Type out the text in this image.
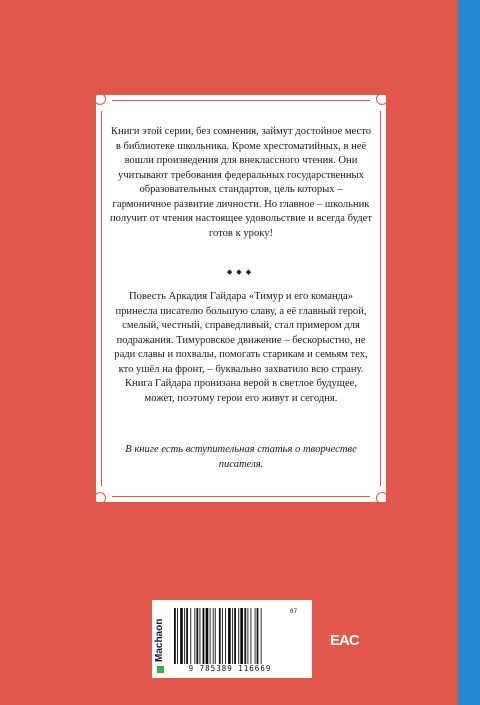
Книги этой серии, без сомнения, займут достойное место в библиотеке школьника. Кроме хрестоматийных, в неё вошли произведения для внеклассного чтения. Они учитывают требования федеральных государственных образовательных стандартов, цель которых – гармоничное развитие личности. Но главное – школьник получит от чтения настоящее удовольствие и всегда будет готов к уроку!
◆◆◆
Повесть Аркадия Гайдара «Тимур и его команда» принесла писателю большую славу, а её главный герой, смелый, честный, справедливый, стал примером для подражания. Тимуровское движение – бескорыстно, не ради славы и похвалы, помогать старикам и семьям тех, кто ушёл на фронт, – буквально захватило всю страну. Книга Гайдара пронизана верой в светлое будущее, может, поэтому герои его живут и сегодня.
В книге есть вступительная статья о творчестве писателя.
Machaon
9 785389 116669
07
EAC
